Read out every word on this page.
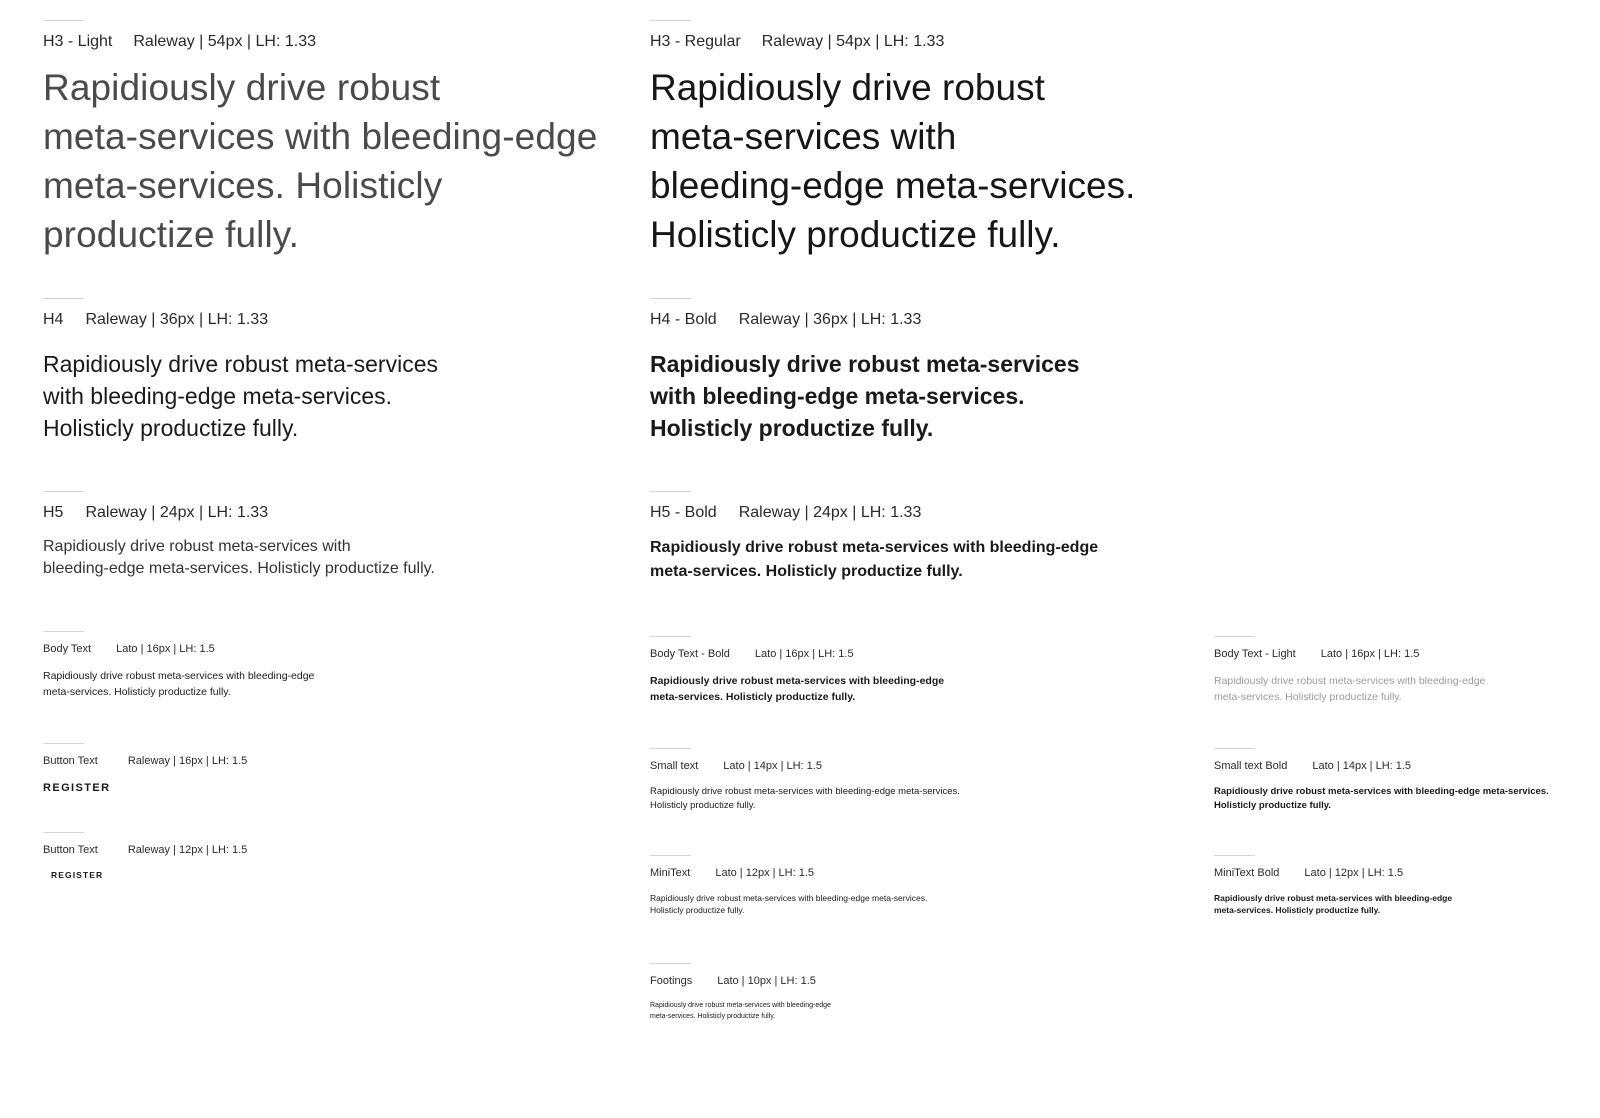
H3 - Light Raleway | 54px | LH: 1.33
Rapidiously drive robust
meta-services with bleeding-edge
meta-services. Holisticly
productize fully.
H4 Raleway | 36px | LH: 1.33
Rapidiously drive robust meta-services
with bleeding-edge meta-services.
Holisticly productize fully.
H5 Raleway | 24px | LH: 1.33
Rapidiously drive robust meta-services with
bleeding-edge meta-services. Holisticly productize fully.
Body Text Lato | 16px | LH: 1.5
Rapidiously drive robust meta-services with bleeding-edge
meta-services. Holisticly productize fully.
Button Text	Raleway | 16px | LH: 1.5
REGISTER
Button Text	Raleway | 12px | LH: 1.5
REGISTER
H3 - Regular Raleway | 54px | LH: 1.33
Rapidiously drive robust
meta-services with
bleeding-edge meta-services.
Holisticly productize fully.
H4 - Bold Raleway | 36px | LH: 1.33
Rapidiously drive robust meta-services
with bleeding-edge meta-services.
Holisticly productize fully.
H5 - Bold Raleway | 24px | LH: 1.33
Rapidiously drive robust meta-services with bleeding-edge
meta-services. Holisticly productize fully.
Body Text - Bold Lato | 16px | LH: 1.5
Rapidiously drive robust meta-services with bleeding-edge
meta-services. Holisticly productize fully.
Small text Lato | 14px | LH: 1.5
Rapidiously drive robust meta-services with bleeding-edge meta-services.
Holisticly productize fully.
MiniText Lato | 12px | LH: 1.5
Rapidiously drive robust meta-services with bleeding-edge meta-services.
Holisticly productize fully.
Footings Lato | 10px | LH: 1.5
Rapidiously drive robust meta-services with bleeding-edge
meta-services. Holisticly productize fully.
Body Text - Light Lato | 16px | LH: 1.5
Rapidiously drive robust meta-services with bleeding-edge
meta-services. Holisticly productize fully.
Small text Bold Lato | 14px | LH: 1.5
Rapidiously drive robust meta-services with bleeding-edge meta-services.
Holisticly productize fully.
MiniText Bold Lato | 12px | LH: 1.5
Rapidiously drive robust meta-services with bleeding-edge
meta-services. Holisticly productize fully.
